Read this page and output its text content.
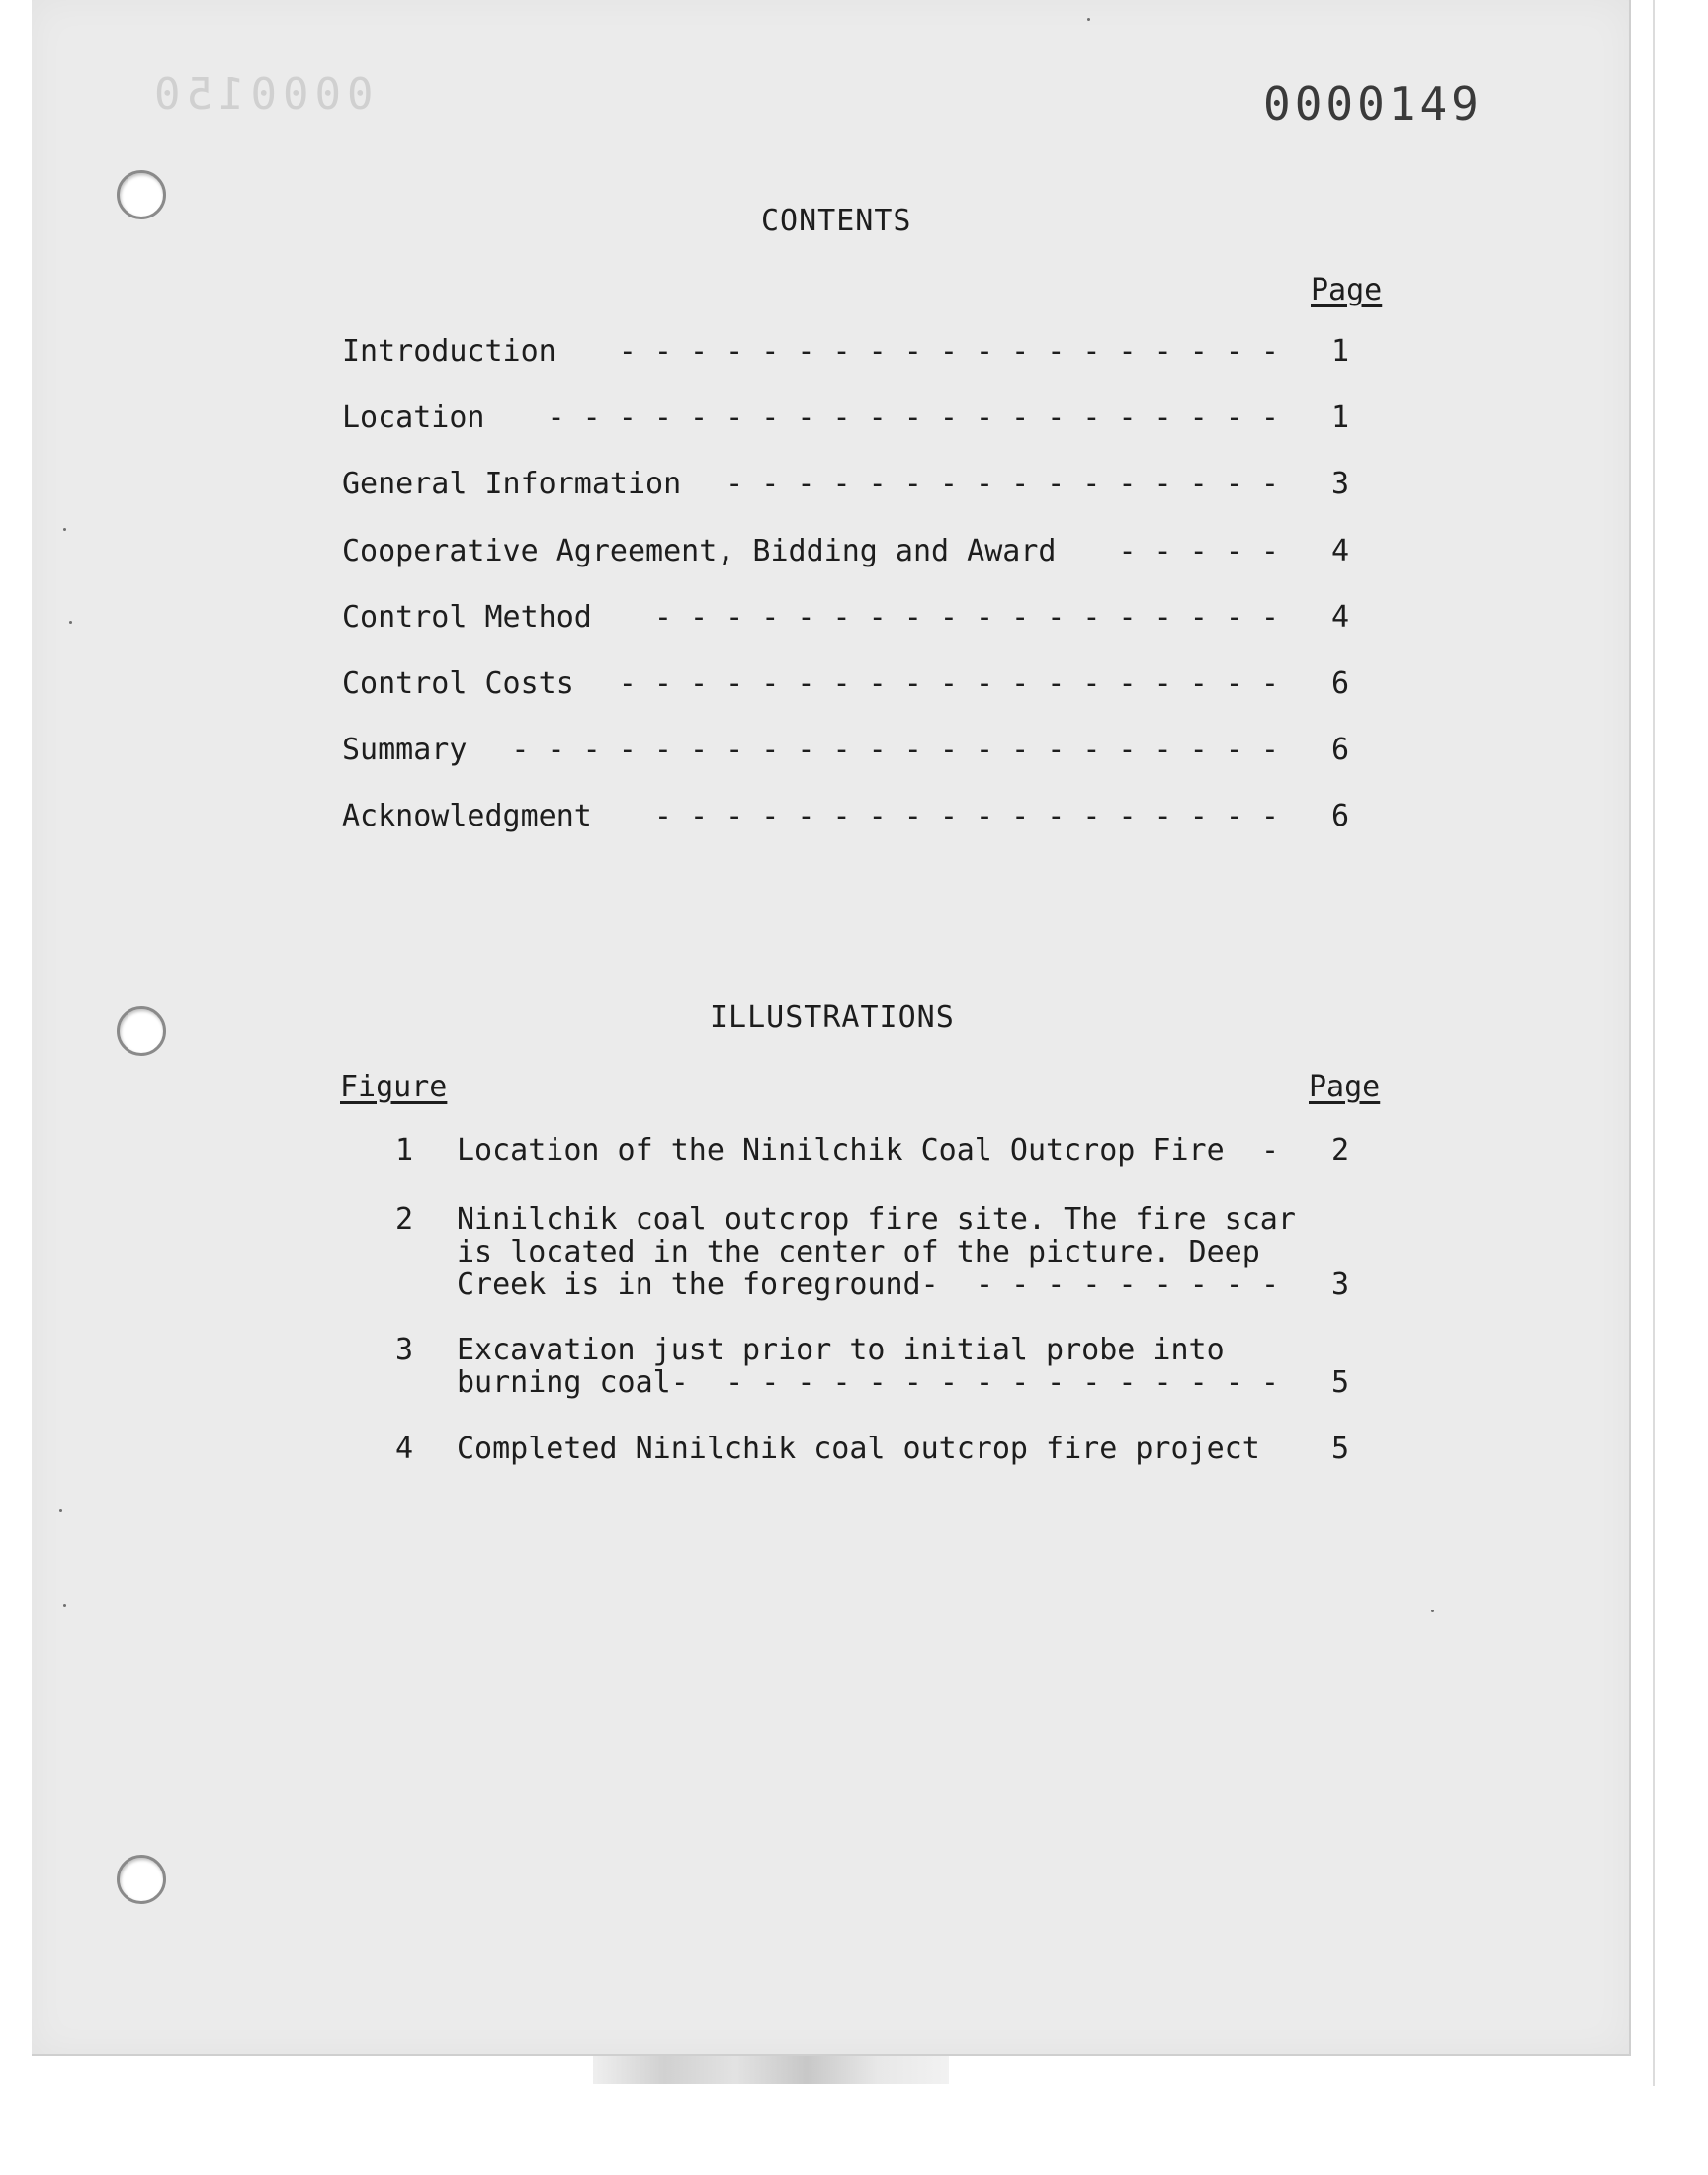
0000150	0000149
CONTENTS
Page
Introduction	- - - - - - - - - - - - - - - - - - -	1
Location	- - - - - - - - - - - - - - - - - - - - -	1
General Information	- - - - - - - - - - - - - - - -	3
Cooperative Agreement, Bidding and Award	- - - - -	4
Control Method	- - - - - - - - - - - - - - - - - -	4
Control Costs	- - - - - - - - - - - - - - - - - - -	6
Summary	- - - - - - - - - - - - - - - - - - - - - -	6
Acknowledgment	- - - - - - - - - - - - - - - - - -	6
ILLUSTRATIONS
Figure	Page
1 Location of the Ninilchik Coal Outcrop Fire	-	2
2 Ninilchik coal outcrop fire site. The fire scar
is located in the center of the picture. Deep
Creek is in the foreground-	- - - - - - - - -	3
3 Excavation just prior to initial probe into
burning coal-	- - - - - - - - - - - - - - - -	5
4 Completed Ninilchik coal outcrop fire project	5
